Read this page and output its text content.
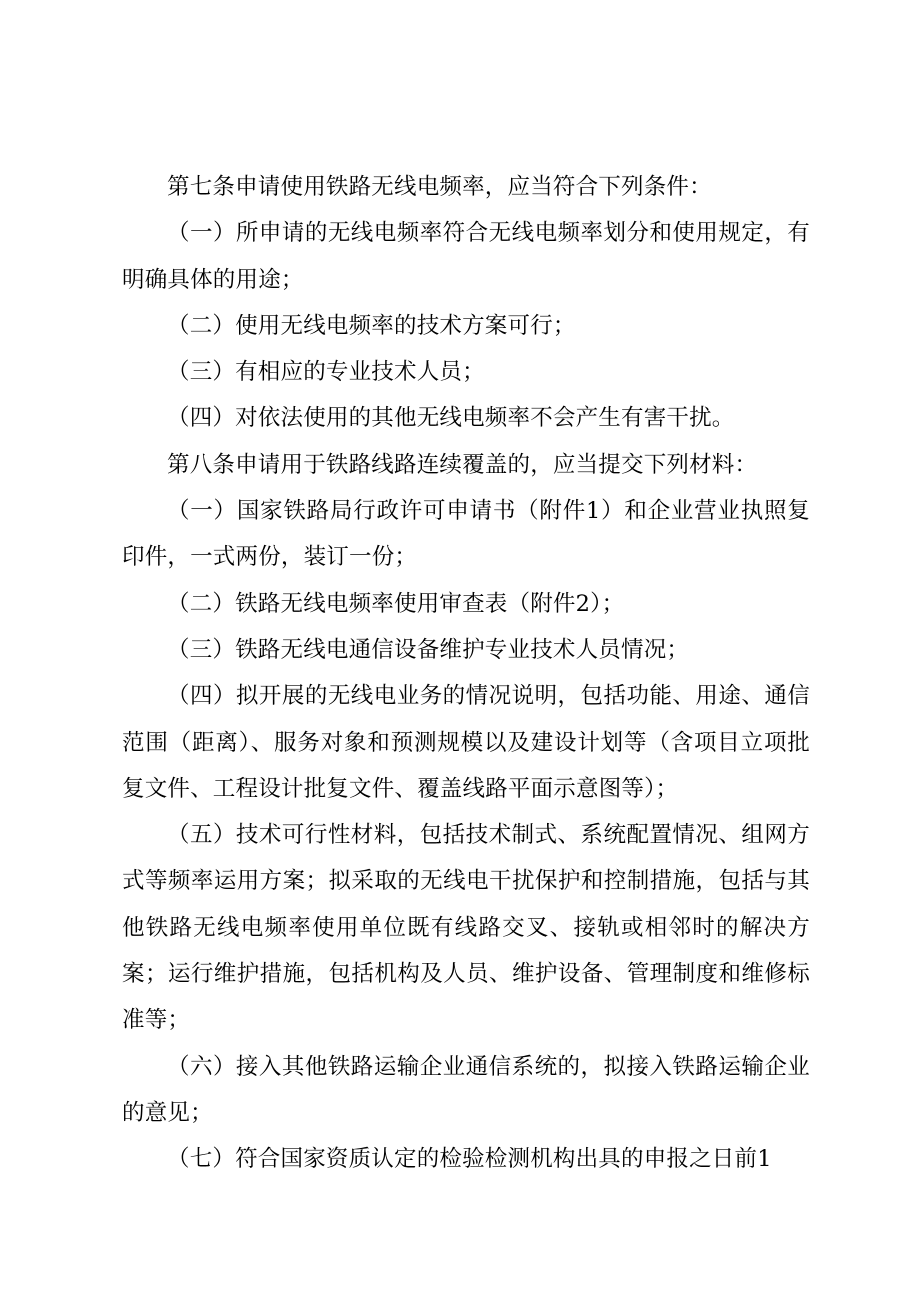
第七条申请使用铁路无线电频率，应当符合下列条件：

（一）所申请的无线电频率符合无线电频率划分和使用规定，有明确具体的用途；

（二）使用无线电频率的技术方案可行；

（三）有相应的专业技术人员；

（四）对依法使用的其他无线电频率不会产生有害干扰。

第八条申请用于铁路线路连续覆盖的，应当提交下列材料：

（一）国家铁路局行政许可申请书（附件1）和企业营业执照复印件，一式两份，装订一份；

（二）铁路无线电频率使用审查表（附件2）；

（三）铁路无线电通信设备维护专业技术人员情况；

（四）拟开展的无线电业务的情况说明，包括功能、用途、通信范围（距离）、服务对象和预测规模以及建设计划等（含项目立项批复文件、工程设计批复文件、覆盖线路平面示意图等）；

（五）技术可行性材料，包括技术制式、系统配置情况、组网方式等频率运用方案；拟采取的无线电干扰保护和控制措施，包括与其他铁路无线电频率使用单位既有线路交叉、接轨或相邻时的解决方案；运行维护措施，包括机构及人员、维护设备、管理制度和维修标准等；

（六）接入其他铁路运输企业通信系统的，拟接入铁路运输企业的意见；

（七）符合国家资质认定的检验检测机构出具的申报之日前1
